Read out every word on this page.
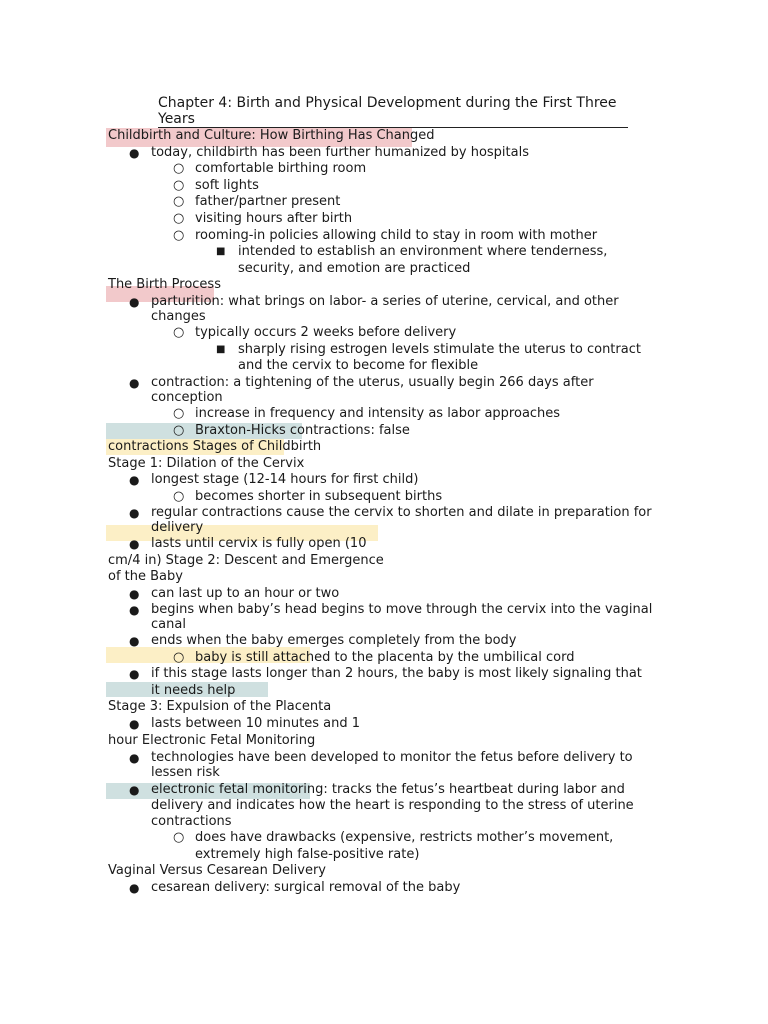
Chapter 4: Birth and Physical Development during the First Three
Years
Childbirth and Culture: How Birthing Has Changed
● today, childbirth has been further humanized by hospitals
○ comfortable birthing room
○ soft lights
○ father/partner present
○ visiting hours after birth
○ rooming-in policies allowing child to stay in room with mother
■ intended to establish an environment where tenderness,
security, and emotion are practiced
The Birth Process
● parturition: what brings on labor- a series of uterine, cervical, and other
changes
○ typically occurs 2 weeks before delivery
■ sharply rising estrogen levels stimulate the uterus to contract
and the cervix to become for flexible
● contraction: a tightening of the uterus, usually begin 266 days after
conception
○ increase in frequency and intensity as labor approaches
○ Braxton-Hicks contractions: false
contractions Stages of Childbirth
Stage 1: Dilation of the Cervix
● longest stage (12-14 hours for first child)
○ becomes shorter in subsequent births
● regular contractions cause the cervix to shorten and dilate in preparation for
delivery
● lasts until cervix is fully open (10
cm/4 in) Stage 2: Descent and Emergence
of the Baby
● can last up to an hour or two
● begins when baby’s head begins to move through the cervix into the vaginal
canal
● ends when the baby emerges completely from the body
○ baby is still attached to the placenta by the umbilical cord
● if this stage lasts longer than 2 hours, the baby is most likely signaling that
it needs help
Stage 3: Expulsion of the Placenta
● lasts between 10 minutes and 1
hour Electronic Fetal Monitoring
● technologies have been developed to monitor the fetus before delivery to
lessen risk
● electronic fetal monitoring: tracks the fetus’s heartbeat during labor and
delivery and indicates how the heart is responding to the stress of uterine
contractions
○ does have drawbacks (expensive, restricts mother’s movement,
extremely high false-positive rate)
Vaginal Versus Cesarean Delivery
● cesarean delivery: surgical removal of the baby
